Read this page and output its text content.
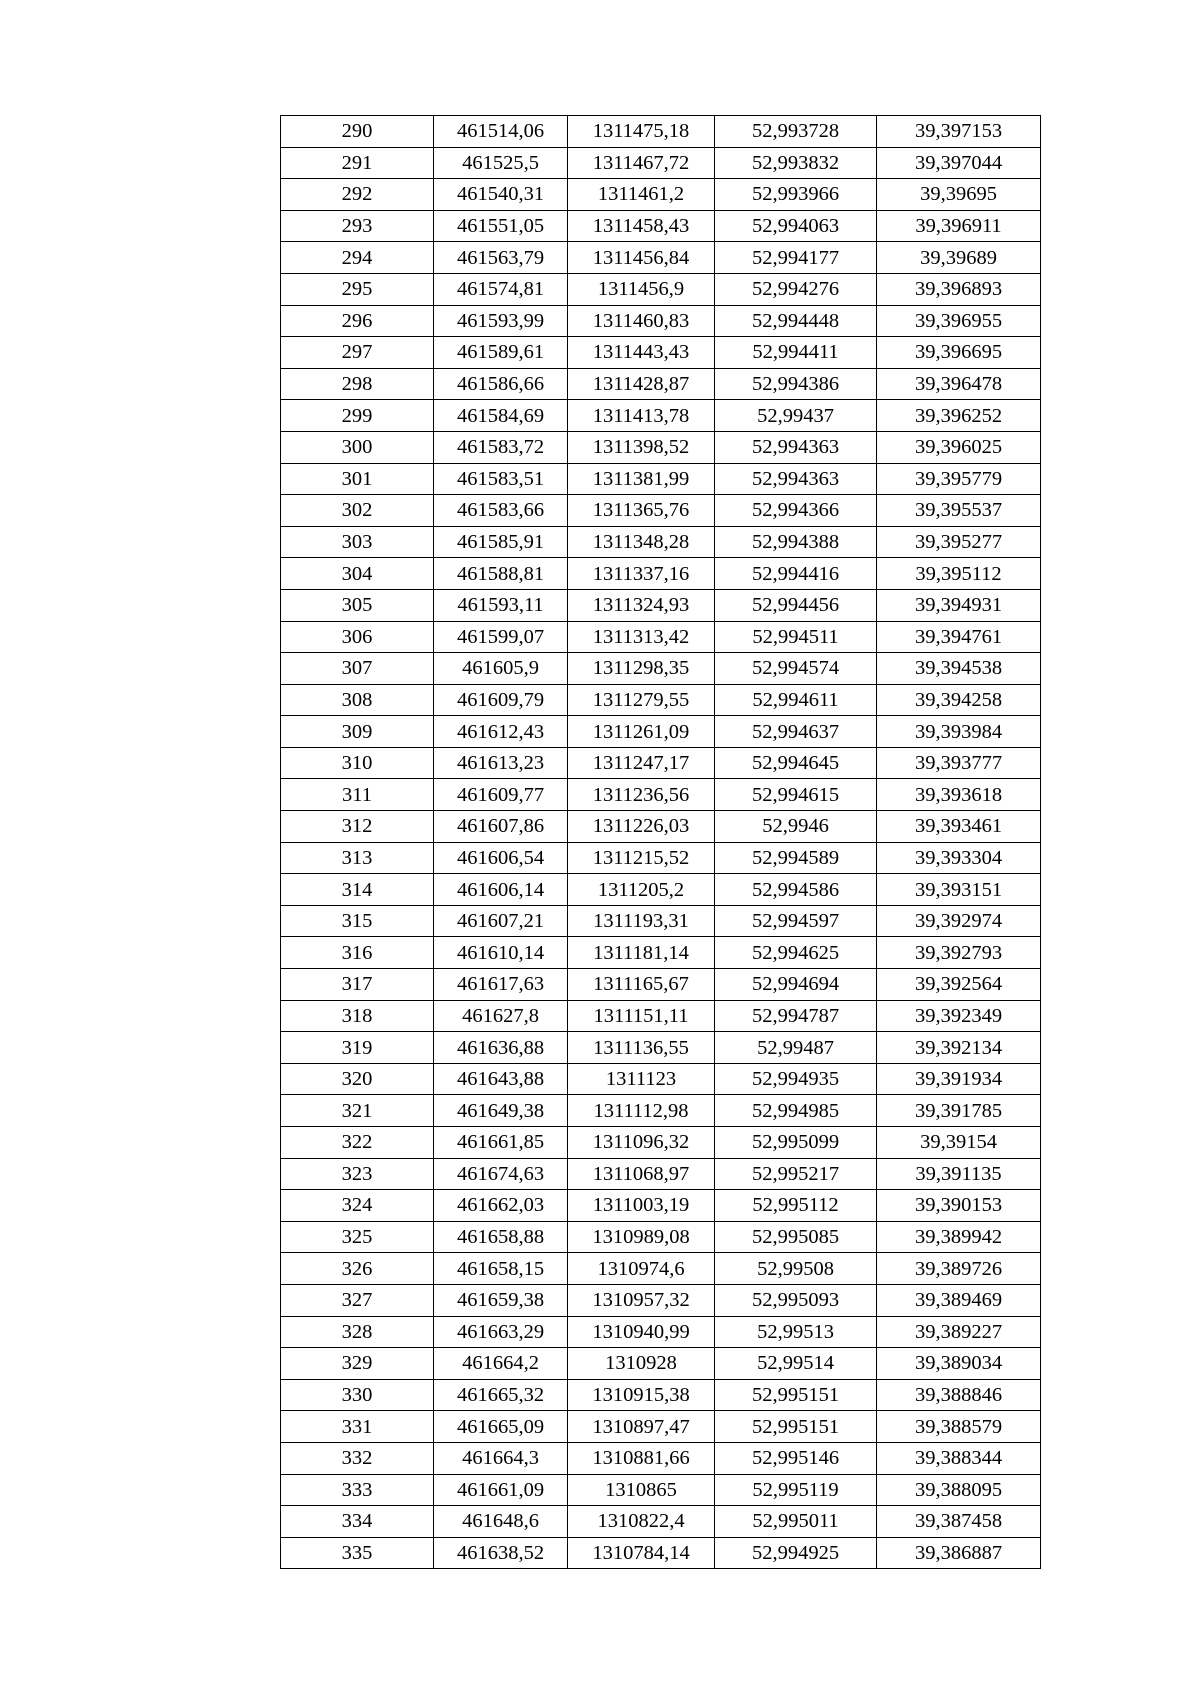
290	461514,06	1311475,18	52,993728	39,397153
291	461525,5	1311467,72	52,993832	39,397044
292	461540,31	1311461,2	52,993966	39,39695
293	461551,05	1311458,43	52,994063	39,396911
294	461563,79	1311456,84	52,994177	39,39689
295	461574,81	1311456,9	52,994276	39,396893
296	461593,99	1311460,83	52,994448	39,396955
297	461589,61	1311443,43	52,994411	39,396695
298	461586,66	1311428,87	52,994386	39,396478
299	461584,69	1311413,78	52,99437	39,396252
300	461583,72	1311398,52	52,994363	39,396025
301	461583,51	1311381,99	52,994363	39,395779
302	461583,66	1311365,76	52,994366	39,395537
303	461585,91	1311348,28	52,994388	39,395277
304	461588,81	1311337,16	52,994416	39,395112
305	461593,11	1311324,93	52,994456	39,394931
306	461599,07	1311313,42	52,994511	39,394761
307	461605,9	1311298,35	52,994574	39,394538
308	461609,79	1311279,55	52,994611	39,394258
309	461612,43	1311261,09	52,994637	39,393984
310	461613,23	1311247,17	52,994645	39,393777
311	461609,77	1311236,56	52,994615	39,393618
312	461607,86	1311226,03	52,9946	39,393461
313	461606,54	1311215,52	52,994589	39,393304
314	461606,14	1311205,2	52,994586	39,393151
315	461607,21	1311193,31	52,994597	39,392974
316	461610,14	1311181,14	52,994625	39,392793
317	461617,63	1311165,67	52,994694	39,392564
318	461627,8	1311151,11	52,994787	39,392349
319	461636,88	1311136,55	52,99487	39,392134
320	461643,88	1311123	52,994935	39,391934
321	461649,38	1311112,98	52,994985	39,391785
322	461661,85	1311096,32	52,995099	39,39154
323	461674,63	1311068,97	52,995217	39,391135
324	461662,03	1311003,19	52,995112	39,390153
325	461658,88	1310989,08	52,995085	39,389942
326	461658,15	1310974,6	52,99508	39,389726
327	461659,38	1310957,32	52,995093	39,389469
328	461663,29	1310940,99	52,99513	39,389227
329	461664,2	1310928	52,99514	39,389034
330	461665,32	1310915,38	52,995151	39,388846
331	461665,09	1310897,47	52,995151	39,388579
332	461664,3	1310881,66	52,995146	39,388344
333	461661,09	1310865	52,995119	39,388095
334	461648,6	1310822,4	52,995011	39,387458
335	461638,52	1310784,14	52,994925	39,386887
